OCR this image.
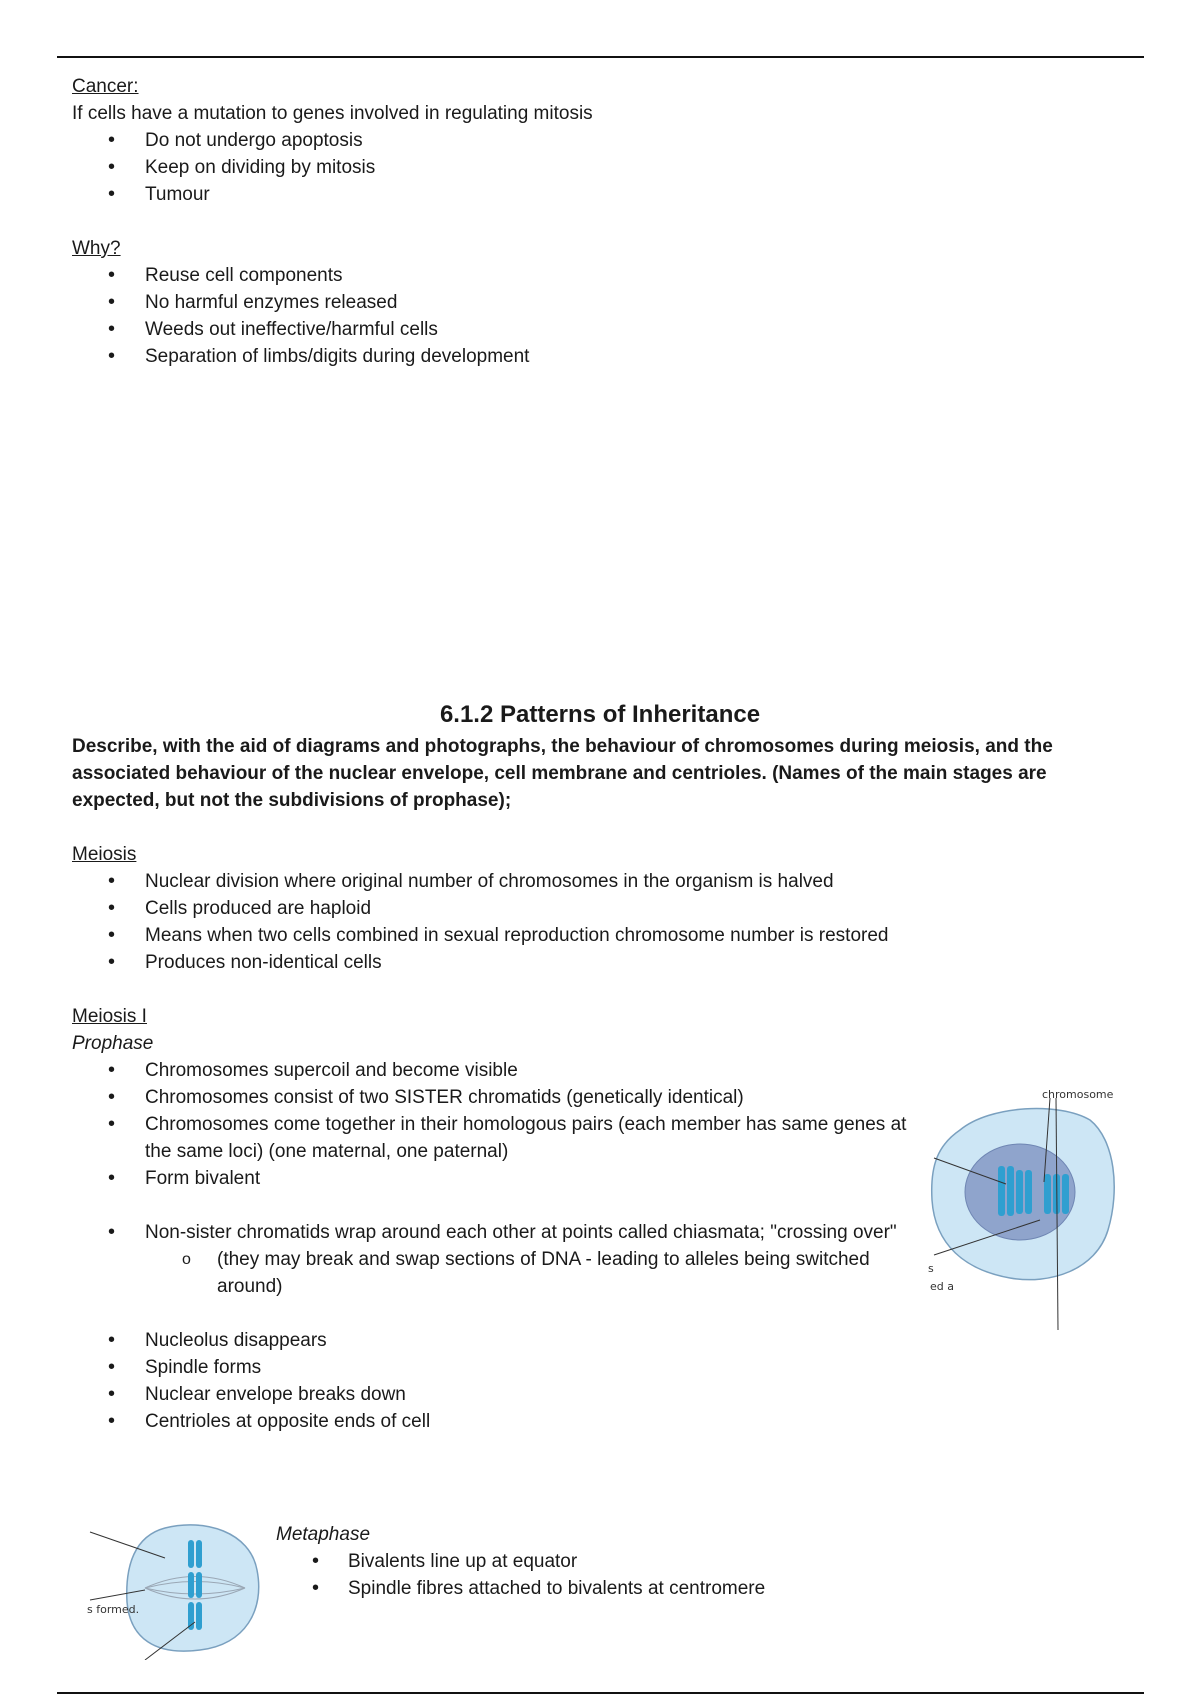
Cancer:
If cells have a mutation to genes involved in regulating mitosis
• Do not undergo apoptosis
• Keep on dividing by mitosis
• Tumour
Why?
• Reuse cell components
• No harmful enzymes released
• Weeds out ineffective/harmful cells
• Separation of limbs/digits during development
6.1.2 Patterns of Inheritance
Describe, with the aid of diagrams and photographs, the behaviour of chromosomes during meiosis, and the associated behaviour of the nuclear envelope, cell membrane and centrioles. (Names of the main stages are expected, but not the subdivisions of prophase);
Meiosis
• Nuclear division where original number of chromosomes in the organism is halved
• Cells produced are haploid
• Means when two cells combined in sexual reproduction chromosome number is restored
• Produces non-identical cells
Meiosis I
Prophase
• Chromosomes supercoil and become visible
• Chromosomes consist of two SISTER chromatids (genetically identical)
• Chromosomes come together in their homologous pairs (each member has same genes at the same loci) (one maternal, one paternal)
• Form bivalent
• Non-sister chromatids wrap around each other at points called chiasmata; "crossing over"
o (they may break and swap sections of DNA - leading to alleles being switched around)
• Nucleolus disappears
• Spindle forms
• Nuclear envelope breaks down
• Centrioles at opposite ends of cell
Metaphase
• Bivalents line up at equator
• Spindle fibres attached to bivalents at centromere
chromosome
s
ed a
s formed.
